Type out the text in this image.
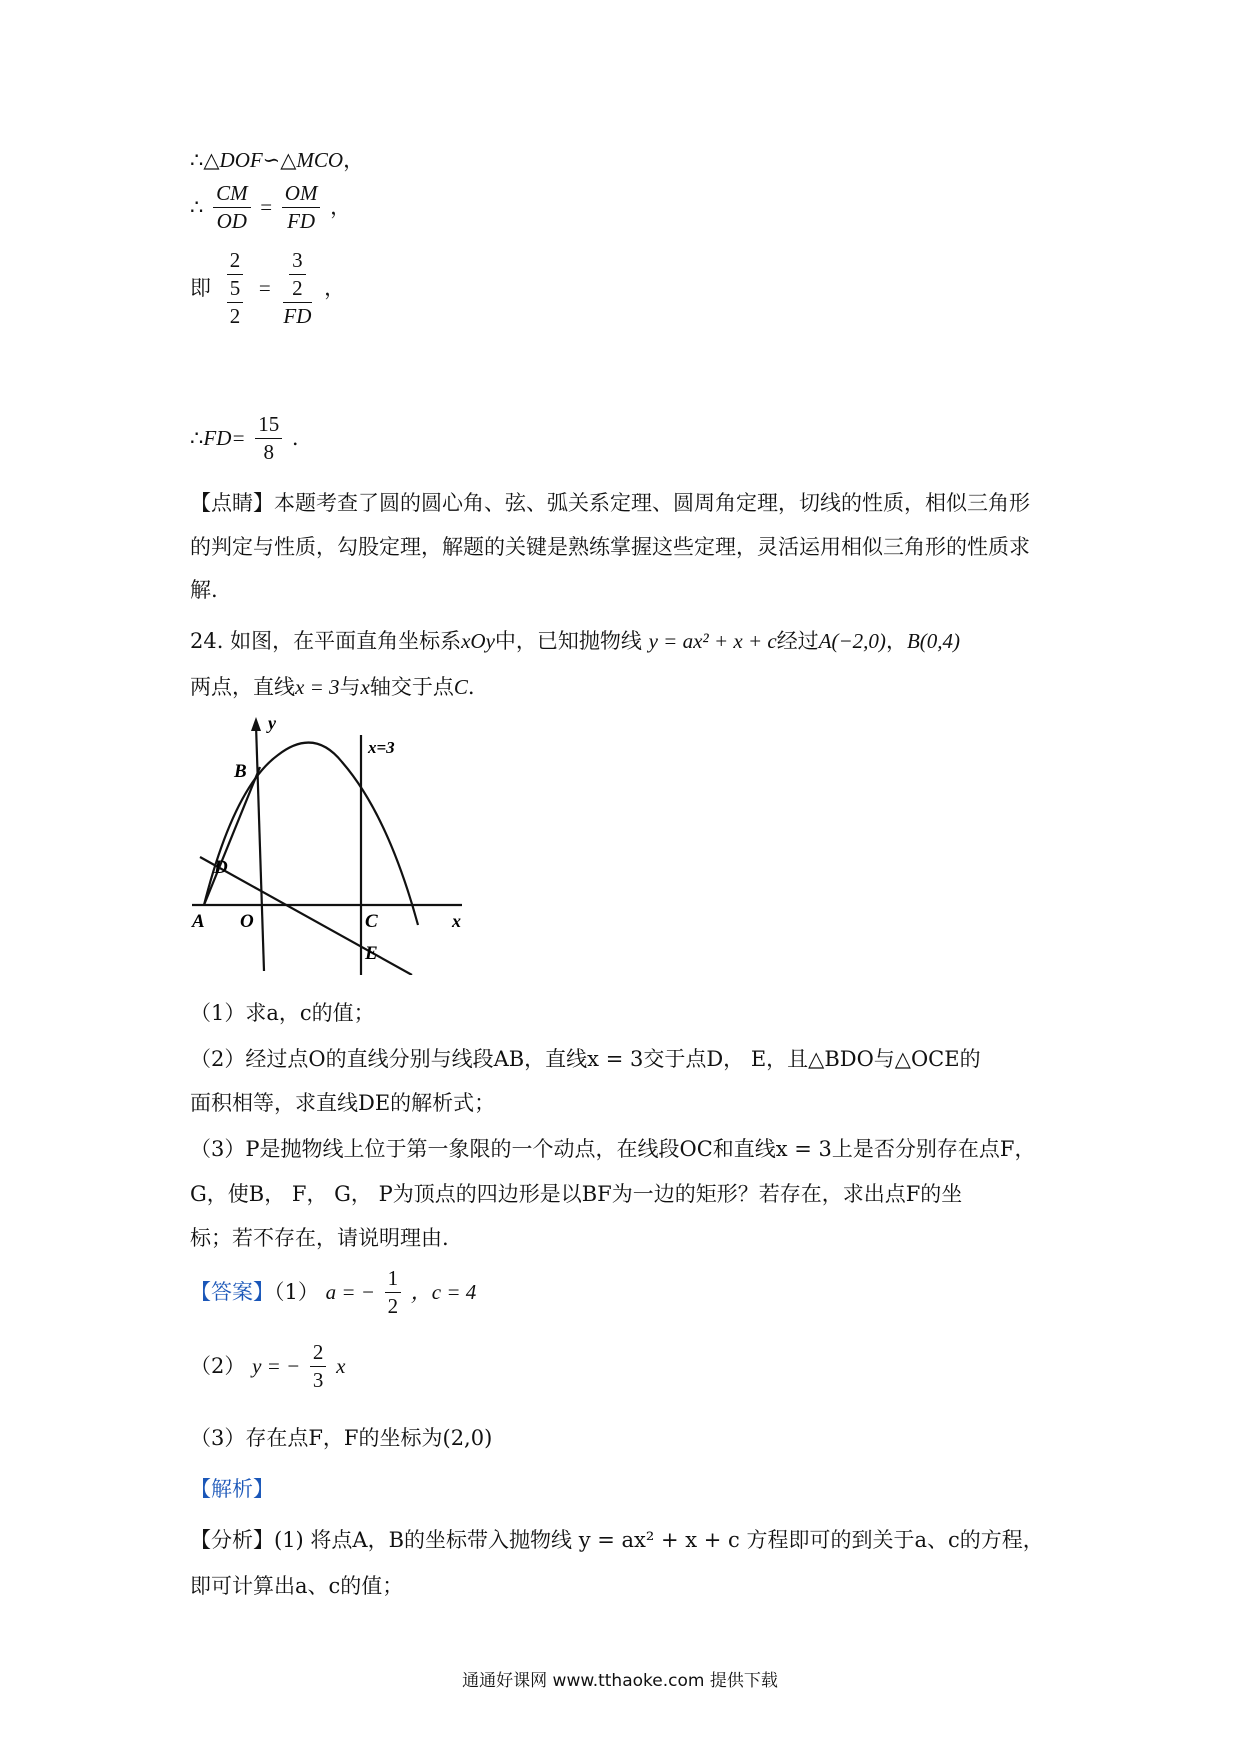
∴△DOF∽△MCO，
∴ $\frac{CM}{OD} = \frac{OM}{FD}$ ，
即 $\frac{2}{\frac{5}{2}} = \frac{\frac{3}{2}}{FD}$ ，
∴FD= $\frac{15}{8}$ .
【点睛】本题考查了圆的圆心角、弦、弧关系定理、圆周角定理，切线的性质，相似三角形
的判定与性质，勾股定理，解题的关键是熟练掌握这些定理，灵活运用相似三角形的性质求
解.
24. 如图，在平面直角坐标系xOy中，已知抛物线 y = ax² + x + c经过A(−2,0)，B(0,4)
两点，直线x = 3与x轴交于点C.
y
x=3
B
D
A O	C	x
E
（1）求a，c的值；
（2）经过点O的直线分别与线段AB，直线x = 3交于点D， E，且△BDO与△OCE的
面积相等，求直线DE的解析式；
（3）P是抛物线上位于第一象限的一个动点，在线段OC和直线x = 3上是否分别存在点F，
G，使B， F， G， P为顶点的四边形是以BF为一边的矩形？若存在，求出点F的坐
标；若不存在，请说明理由.
【答案】（1） a = − $\frac{1}{2}$ ，c = 4
（2） y = − $\frac{2}{3}$ x
（3）存在点F，F的坐标为(2,0)
【解析】
【分析】(1) 将点A，B的坐标带入抛物线 y = ax² + x + c 方程即可的到关于a、c的方程，
即可计算出a、c的值；
通通好课网 www.tthaoke.com 提供下载
